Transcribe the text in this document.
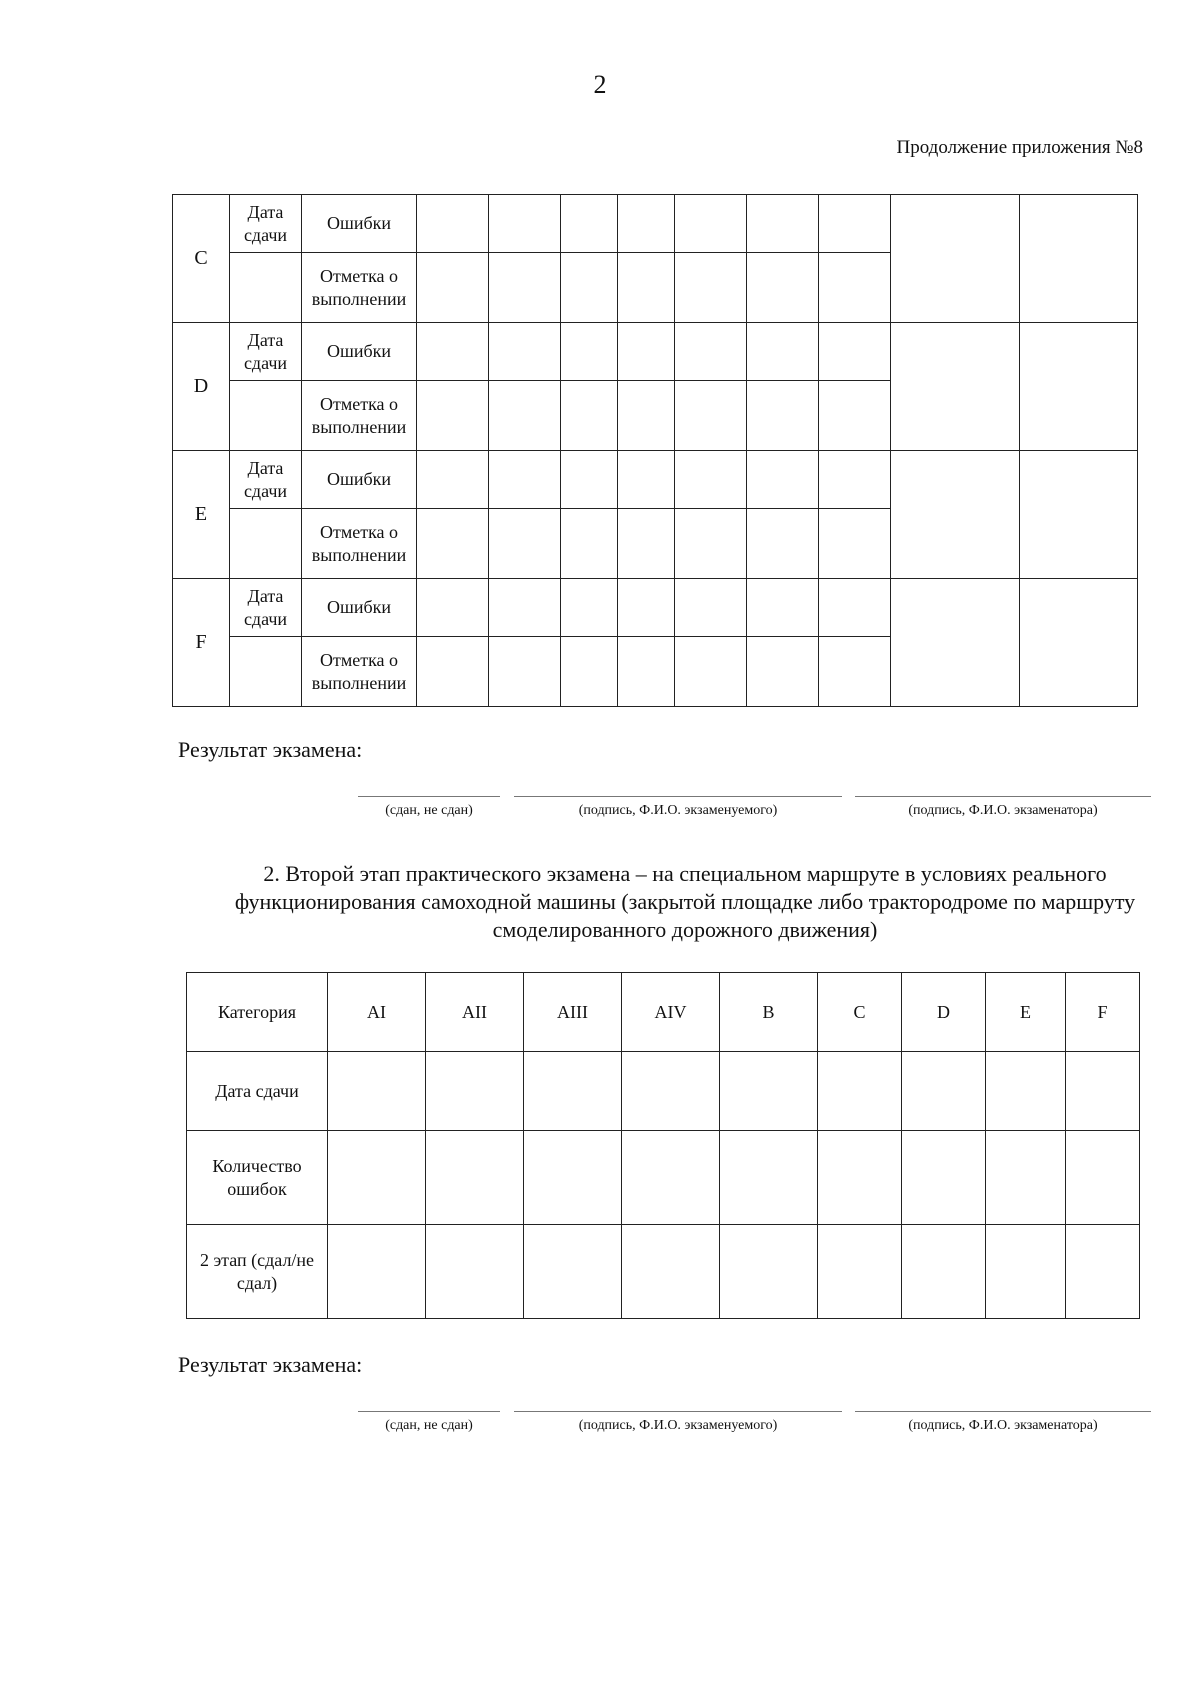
2
Продолжение приложения №8
C	Дата сдачи	Ошибки									
		Отметка о выполнении									
D	Дата сдачи	Ошибки									
		Отметка о выполнении									
E	Дата сдачи	Ошибки									
		Отметка о выполнении									
F	Дата сдачи	Ошибки									
		Отметка о выполнении									
Результат экзамена:
(сдан, не сдан)	(подпись, Ф.И.О. экзаменуемого)	(подпись, Ф.И.О. экзаменатора)
2. Второй этап практического экзамена – на специальном маршруте в условиях реального функционирования самоходной машины (закрытой площадке либо трактородроме по маршруту смоделированного дорожного движения)
Категория	AI	AII	AIII	AIV	B	C	D	E	F
Дата сдачи									
Количество ошибок									
2 этап (сдал/не сдал)									
Результат экзамена:
(сдан, не сдан)	(подпись, Ф.И.О. экзаменуемого)	(подпись, Ф.И.О. экзаменатора)
